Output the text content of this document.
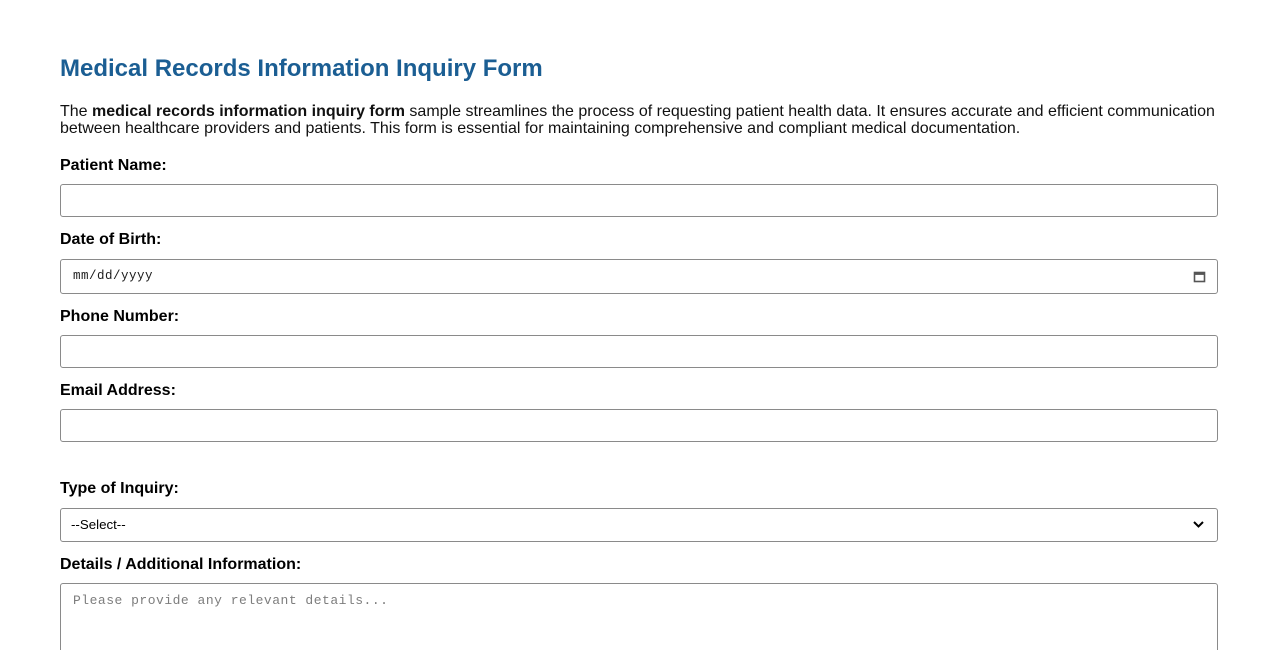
Medical Records Information Inquiry Form

The medical records information inquiry form sample streamlines the process of requesting patient health data. It ensures accurate and efficient communication between healthcare providers and patients. This form is essential for maintaining comprehensive and compliant medical documentation.

Patient Name:
Date of Birth:
mm/dd/yyyy
Phone Number:
Email Address:
Type of Inquiry:
--Select--
Details / Additional Information:
Please provide any relevant details...
